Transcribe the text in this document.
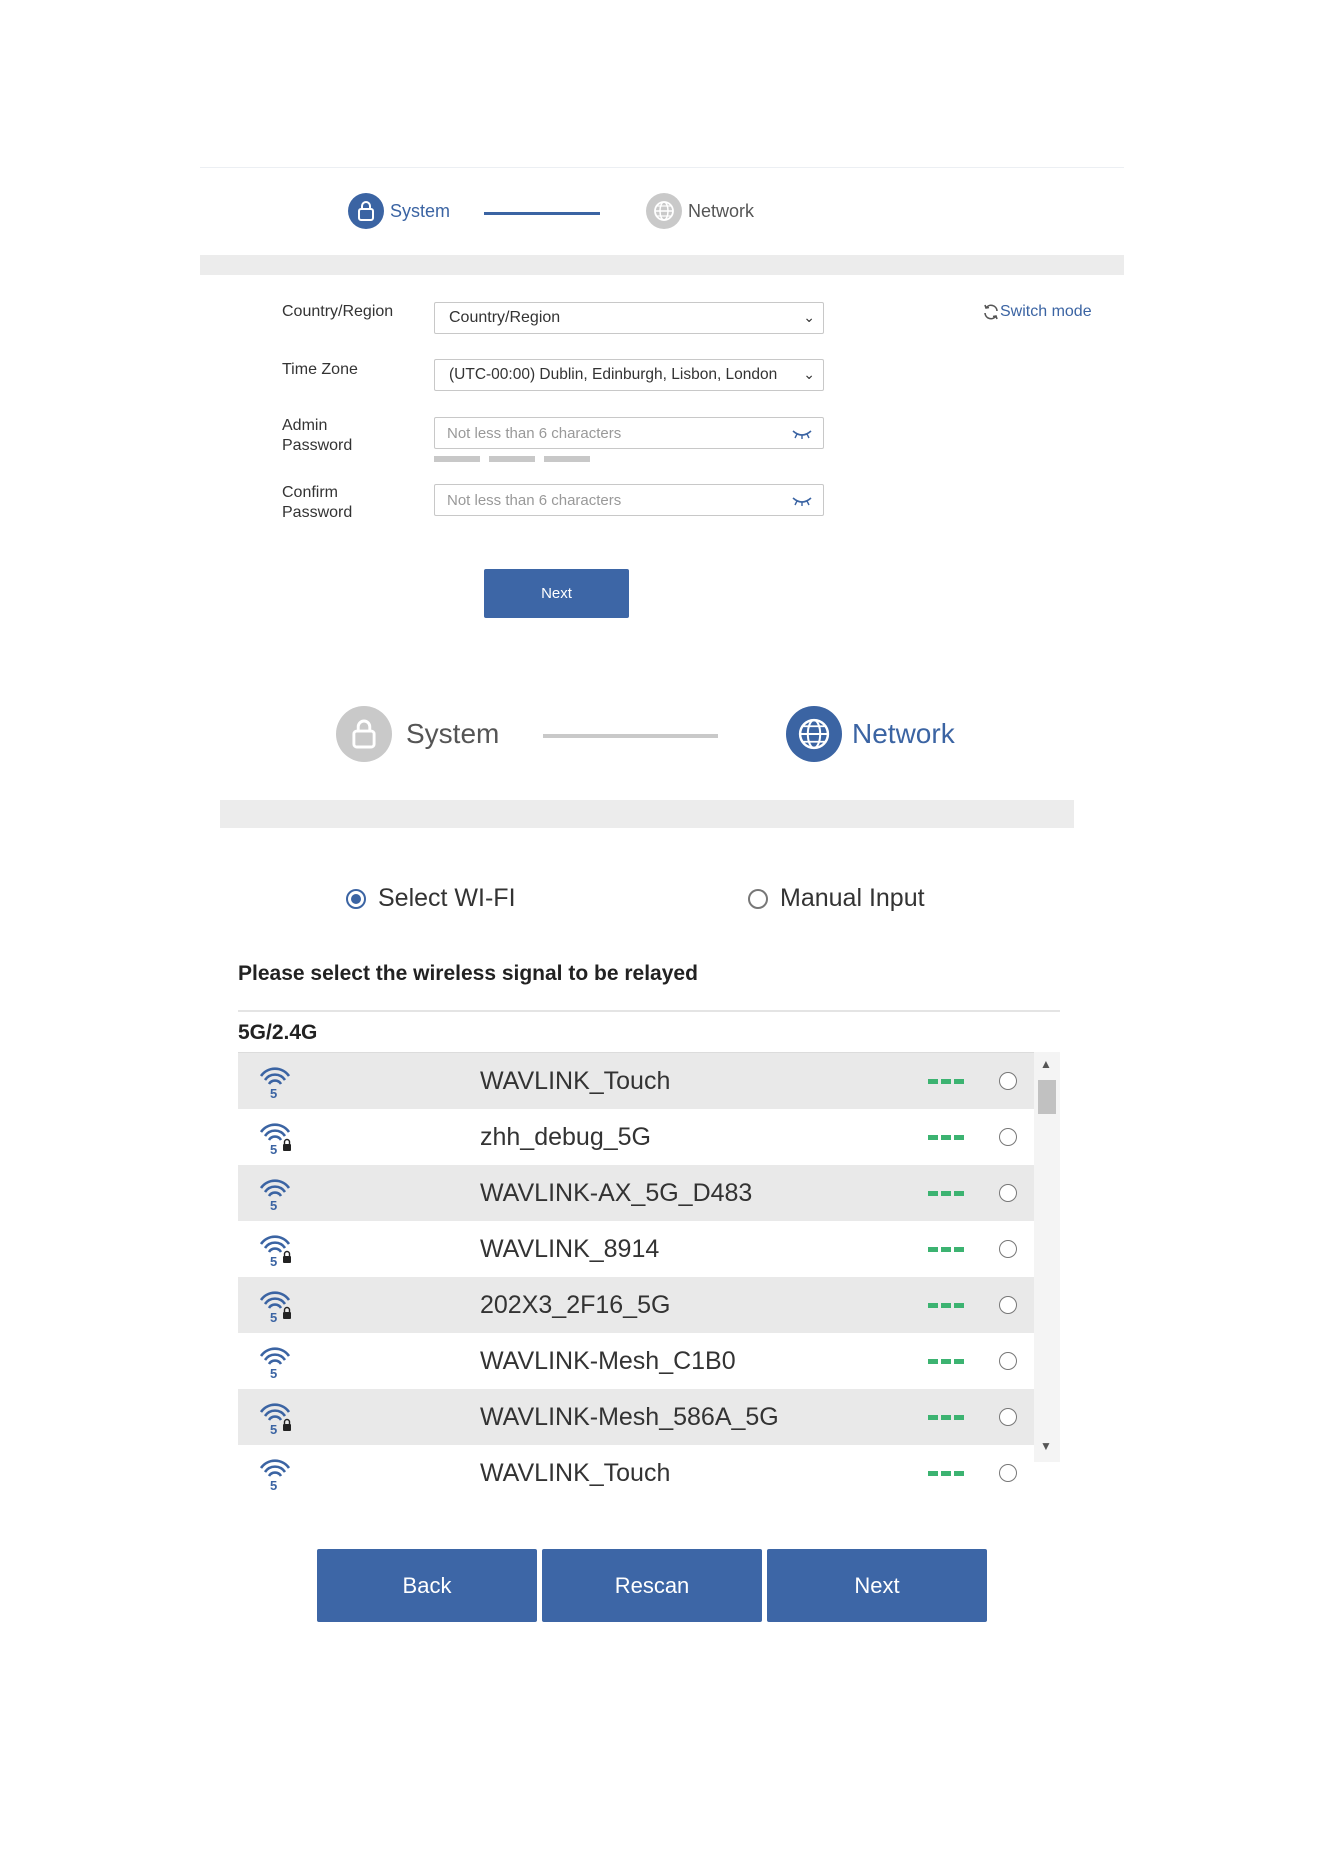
System	Network
Country/Region	Country/Region	⌄
Time Zone	(UTC-00:00) Dublin, Edinburgh, Lisbon, London ⌄
Admin
Password
Not less than 6 characters
Confirm
Password
Not less than 6 characters
Switch mode
Next
System	Network
Select WI-FI	Manual Input
Please select the wireless signal to be relayed
5G/2.4G
5	WAVLINK_Touch
5	zhh_debug_5G
5	WAVLINK-AX_5G_D483
5	WAVLINK_8914
5	202X3_2F16_5G
5	WAVLINK-Mesh_C1B0
5	WAVLINK-Mesh_586A_5G
5	WAVLINK_Touch
▲
▼
Back	Rescan	Next
